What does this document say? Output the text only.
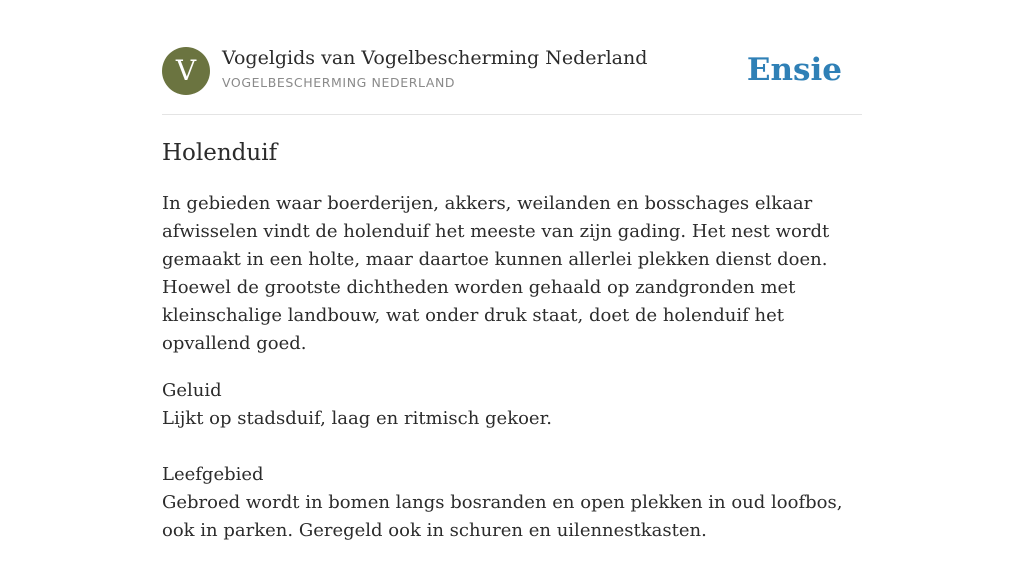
V	Vogelgids van Vogelbescherming Nederland
VOGELBESCHERMING NEDERLAND	Ensie
Holenduif

In gebieden waar boerderijen, akkers, weilanden en bosschages elkaar afwisselen vindt de holenduif het meeste van zijn gading. Het nest wordt gemaakt in een holte, maar daartoe kunnen allerlei plekken dienst doen. Hoewel de grootste dichtheden worden gehaald op zandgronden met kleinschalige landbouw, wat onder druk staat, doet de holenduif het opvallend goed.

Geluid
Lijkt op stadsduif, laag en ritmisch gekoer.

Leefgebied
Gebroed wordt in bomen langs bosranden en open plekken in oud loofbos, ook in parken. Geregeld ook in schuren en uilennestkasten.
